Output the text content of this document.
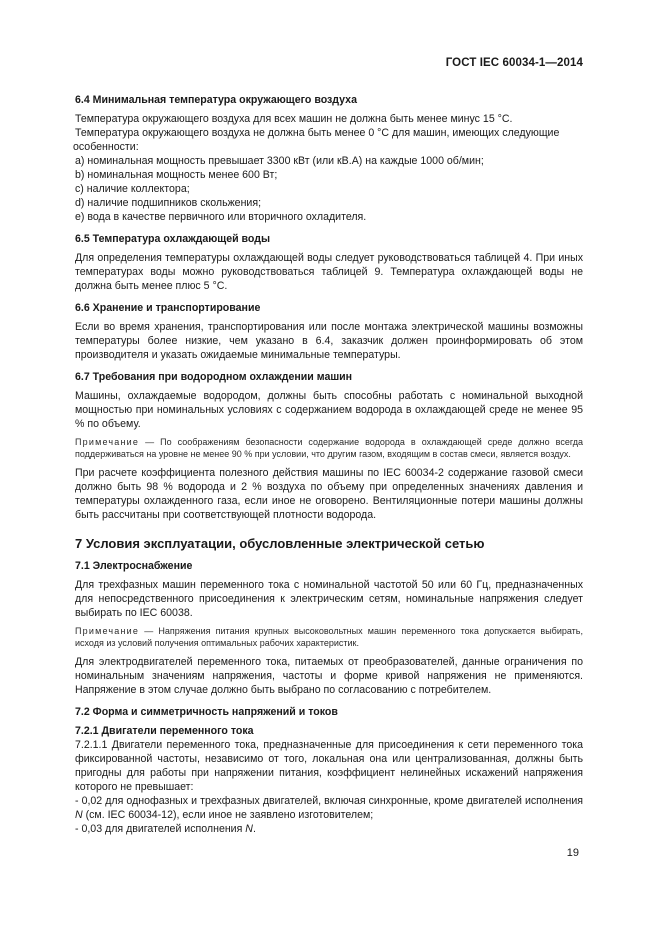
ГОСТ IEC 60034-1—2014

6.4 Минимальная температура окружающего воздуха

Температура окружающего воздуха для всех машин не должна быть менее минус 15 °С.

Температура окружающего воздуха не должна быть менее 0 °С для машин, имеющих следующие

особенности:

а) номинальная мощность превышает 3300 кВт (или кВ.А) на каждые 1000 об/мин;

b) номинальная мощность менее 600 Вт;

с) наличие коллектора;

d) наличие подшипников скольжения;

е) вода в качестве первичного или вторичного охладителя.

6.5 Температура охлаждающей воды

Для определения температуры охлаждающей воды следует руководствоваться таблицей 4. При иных температурах воды можно руководствоваться таблицей 9. Температура охлаждающей воды не должна быть менее плюс 5 °С.

6.6 Хранение и транспортирование

Если во время хранения, транспортирования или после монтажа электрической машины возможны температуры более низкие, чем указано в 6.4, заказчик должен проинформировать об этом производителя и указать ожидаемые минимальные температуры.

6.7 Требования при водородном охлаждении машин

Машины, охлаждаемые водородом, должны быть способны работать с номинальной выходной мощностью при номинальных условиях с содержанием водорода в охлаждающей среде не менее 95 % по объему.

Примечание — По соображениям безопасности содержание водорода в охлаждающей среде должно всегда поддерживаться на уровне не менее 90 % при условии, что другим газом, входящим в состав смеси, является воздух.

При расчете коэффициента полезного действия машины по IEC 60034-2 содержание газовой смеси должно быть 98 % водорода и 2 % воздуха по объему при определенных значениях давления и температуры охлажденного газа, если иное не оговорено. Вентиляционные потери машины должны быть рассчитаны при соответствующей плотности водорода.

7 Условия эксплуатации, обусловленные электрической сетью

7.1 Электроснабжение

Для трехфазных машин переменного тока с номинальной частотой 50 или 60 Гц, предназначенных для непосредственного присоединения к электрическим сетям, номинальные напряжения следует выбирать по IEC 60038.

Примечание — Напряжения питания крупных высоковольтных машин переменного тока допускается выбирать, исходя из условий получения оптимальных рабочих характеристик.

Для электродвигателей переменного тока, питаемых от преобразователей, данные ограничения по номинальным значениям напряжения, частоты и форме кривой напряжения не применяются. Напряжение в этом случае должно быть выбрано по согласованию с потребителем.

7.2 Форма и симметричность напряжений и токов

7.2.1 Двигатели переменного тока

7.2.1.1 Двигатели переменного тока, предназначенные для присоединения к сети переменного тока фиксированной частоты, независимо от того, локальная она или централизованная, должны быть пригодны для работы при напряжении питания, коэффициент нелинейных искажений напряжения которого не превышает:

- 0,02 для однофазных и трехфазных двигателей, включая синхронные, кроме двигателей исполнения N (см. IEC 60034-12), если иное не заявлено изготовителем;

- 0,03 для двигателей исполнения N.

19
